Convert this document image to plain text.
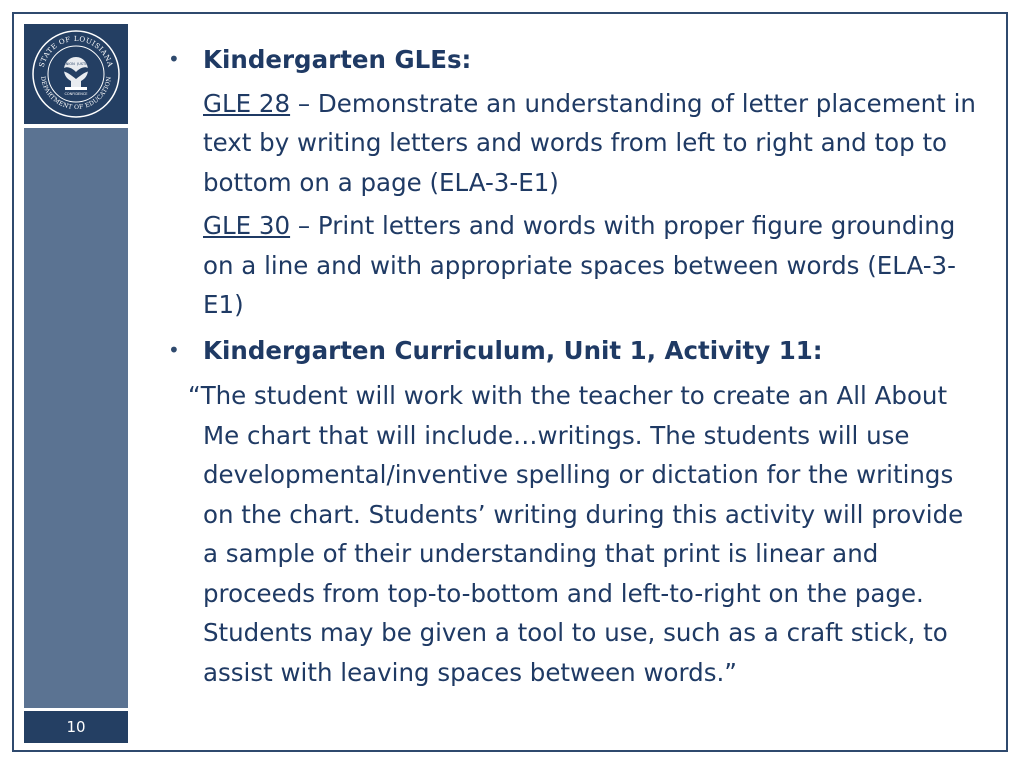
STATE OF LOUISIANA
DEPARTMENT OF EDUCATION
UNION JUSTICE
CONFIDENCE
10
• Kindergarten GLEs:
GLE 28 – Demonstrate an understanding of letter placement in text by writing letters and words from left to right and top to bottom on a page (ELA-3-E1)
GLE 30 – Print letters and words with proper figure grounding on a line and with appropriate spaces between words (ELA-3-E1)
• Kindergarten Curriculum, Unit 1, Activity 11:
“The student will work with the teacher to create an All About Me chart that will include…writings. The students will use developmental/inventive spelling or dictation for the writings on the chart. Students’ writing during this activity will provide a sample of their understanding that print is linear and proceeds from top-to-bottom and left-to-right on the page. Students may be given a tool to use, such as a craft stick, to assist with leaving spaces between words.”
